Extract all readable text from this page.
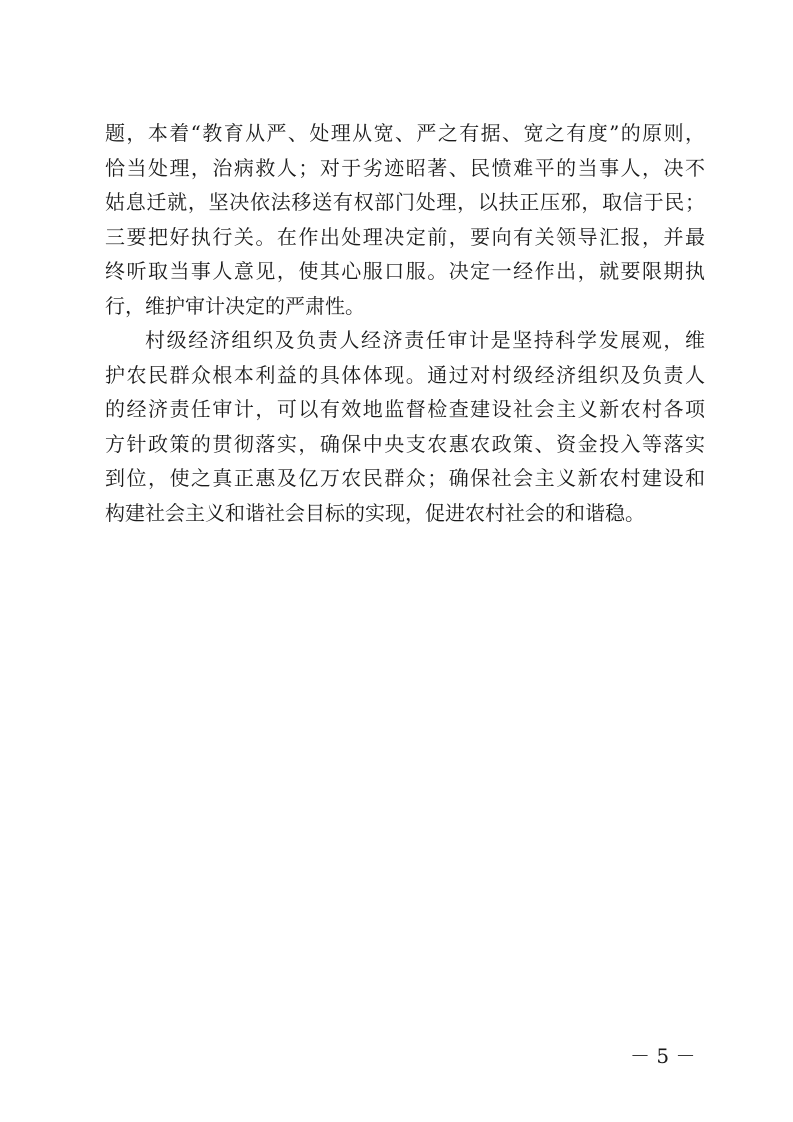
题，本着“教育从严、处理从宽、严之有据、宽之有度”的原则，
恰当处理，治病救人；对于劣迹昭著、民愤难平的当事人，决不
姑息迁就，坚决依法移送有权部门处理，以扶正压邪，取信于民；
三要把好执行关。在作出处理决定前，要向有关领导汇报，并最
终听取当事人意见，使其心服口服。决定一经作出，就要限期执
行，维护审计决定的严肃性。
村级经济组织及负责人经济责任审计是坚持科学发展观，维
护农民群众根本利益的具体体现。通过对村级经济组织及负责人
的经济责任审计，可以有效地监督检查建设社会主义新农村各项
方针政策的贯彻落实，确保中央支农惠农政策、资金投入等落实
到位，使之真正惠及亿万农民群众；确保社会主义新农村建设和
构建社会主义和谐社会目标的实现，促进农村社会的和谐稳。
－ 5 －
